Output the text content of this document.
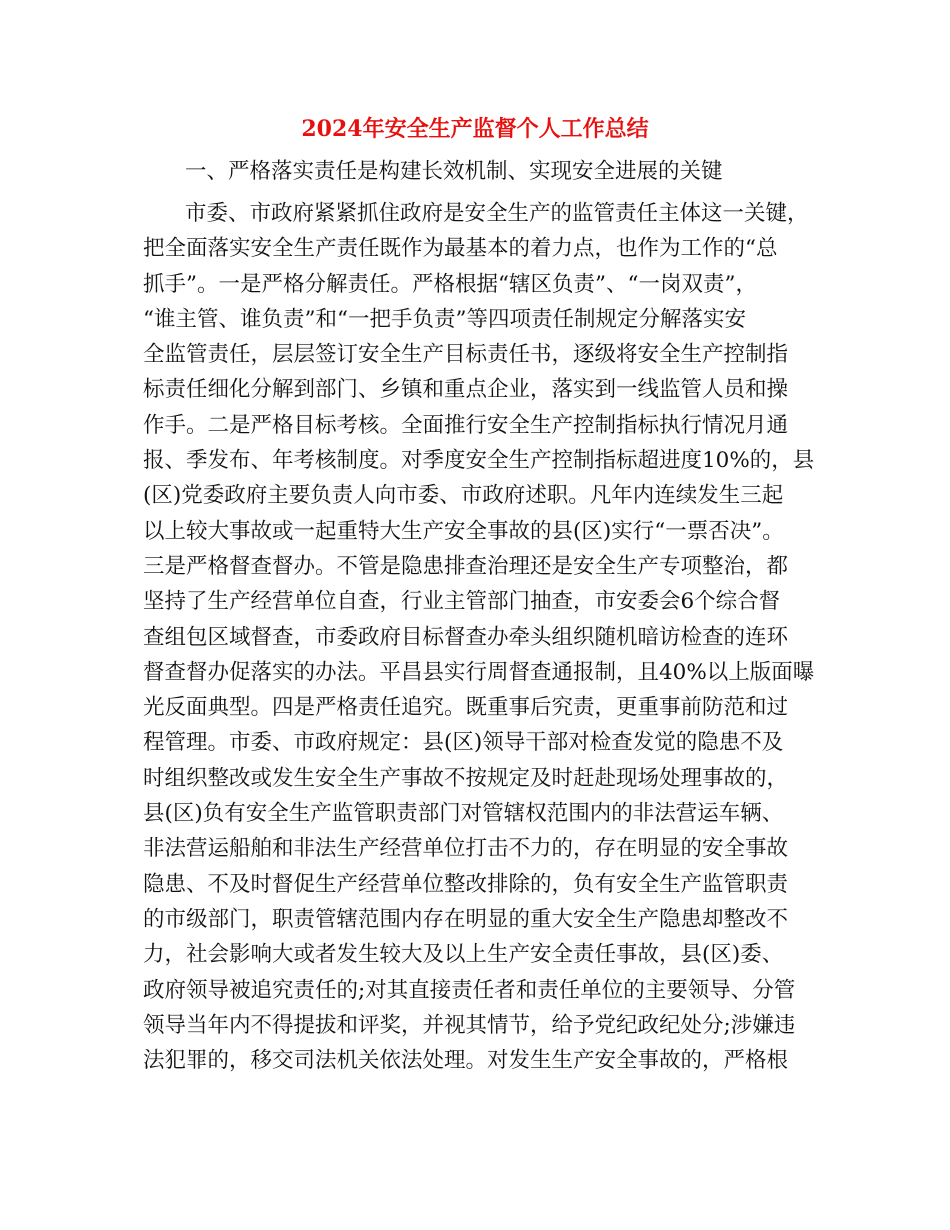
2024年安全生产监督个人工作总结
一、严格落实责任是构建长效机制、实现安全进展的关键
市委、市政府紧紧抓住政府是安全生产的监管责任主体这一关键，
把全面落实安全生产责任既作为最基本的着力点，也作为工作的“总
抓手”。一是严格分解责任。严格根据“辖区负责”、“一岗双责”，
“谁主管、谁负责”和“一把手负责”等四项责任制规定分解落实安
全监管责任，层层签订安全生产目标责任书，逐级将安全生产控制指
标责任细化分解到部门、乡镇和重点企业，落实到一线监管人员和操
作手。二是严格目标考核。全面推行安全生产控制指标执行情况月通
报、季发布、年考核制度。对季度安全生产控制指标超进度10%的，县
(区)党委政府主要负责人向市委、市政府述职。凡年内连续发生三起
以上较大事故或一起重特大生产安全事故的县(区)实行“一票否决”。
三是严格督查督办。不管是隐患排查治理还是安全生产专项整治，都
坚持了生产经营单位自查，行业主管部门抽查，市安委会6个综合督
查组包区域督查，市委政府目标督查办牵头组织随机暗访检查的连环
督查督办促落实的办法。平昌县实行周督查通报制，且40%以上版面曝
光反面典型。四是严格责任追究。既重事后究责，更重事前防范和过
程管理。市委、市政府规定：县(区)领导干部对检查发觉的隐患不及
时组织整改或发生安全生产事故不按规定及时赶赴现场处理事故的，
县(区)负有安全生产监管职责部门对管辖权范围内的非法营运车辆、
非法营运船舶和非法生产经营单位打击不力的，存在明显的安全事故
隐患、不及时督促生产经营单位整改排除的，负有安全生产监管职责
的市级部门，职责管辖范围内存在明显的重大安全生产隐患却整改不
力，社会影响大或者发生较大及以上生产安全责任事故，县(区)委、
政府领导被追究责任的;对其直接责任者和责任单位的主要领导、分管
领导当年内不得提拔和评奖，并视其情节，给予党纪政纪处分;涉嫌违
法犯罪的，移交司法机关依法处理。对发生生产安全事故的，严格根
